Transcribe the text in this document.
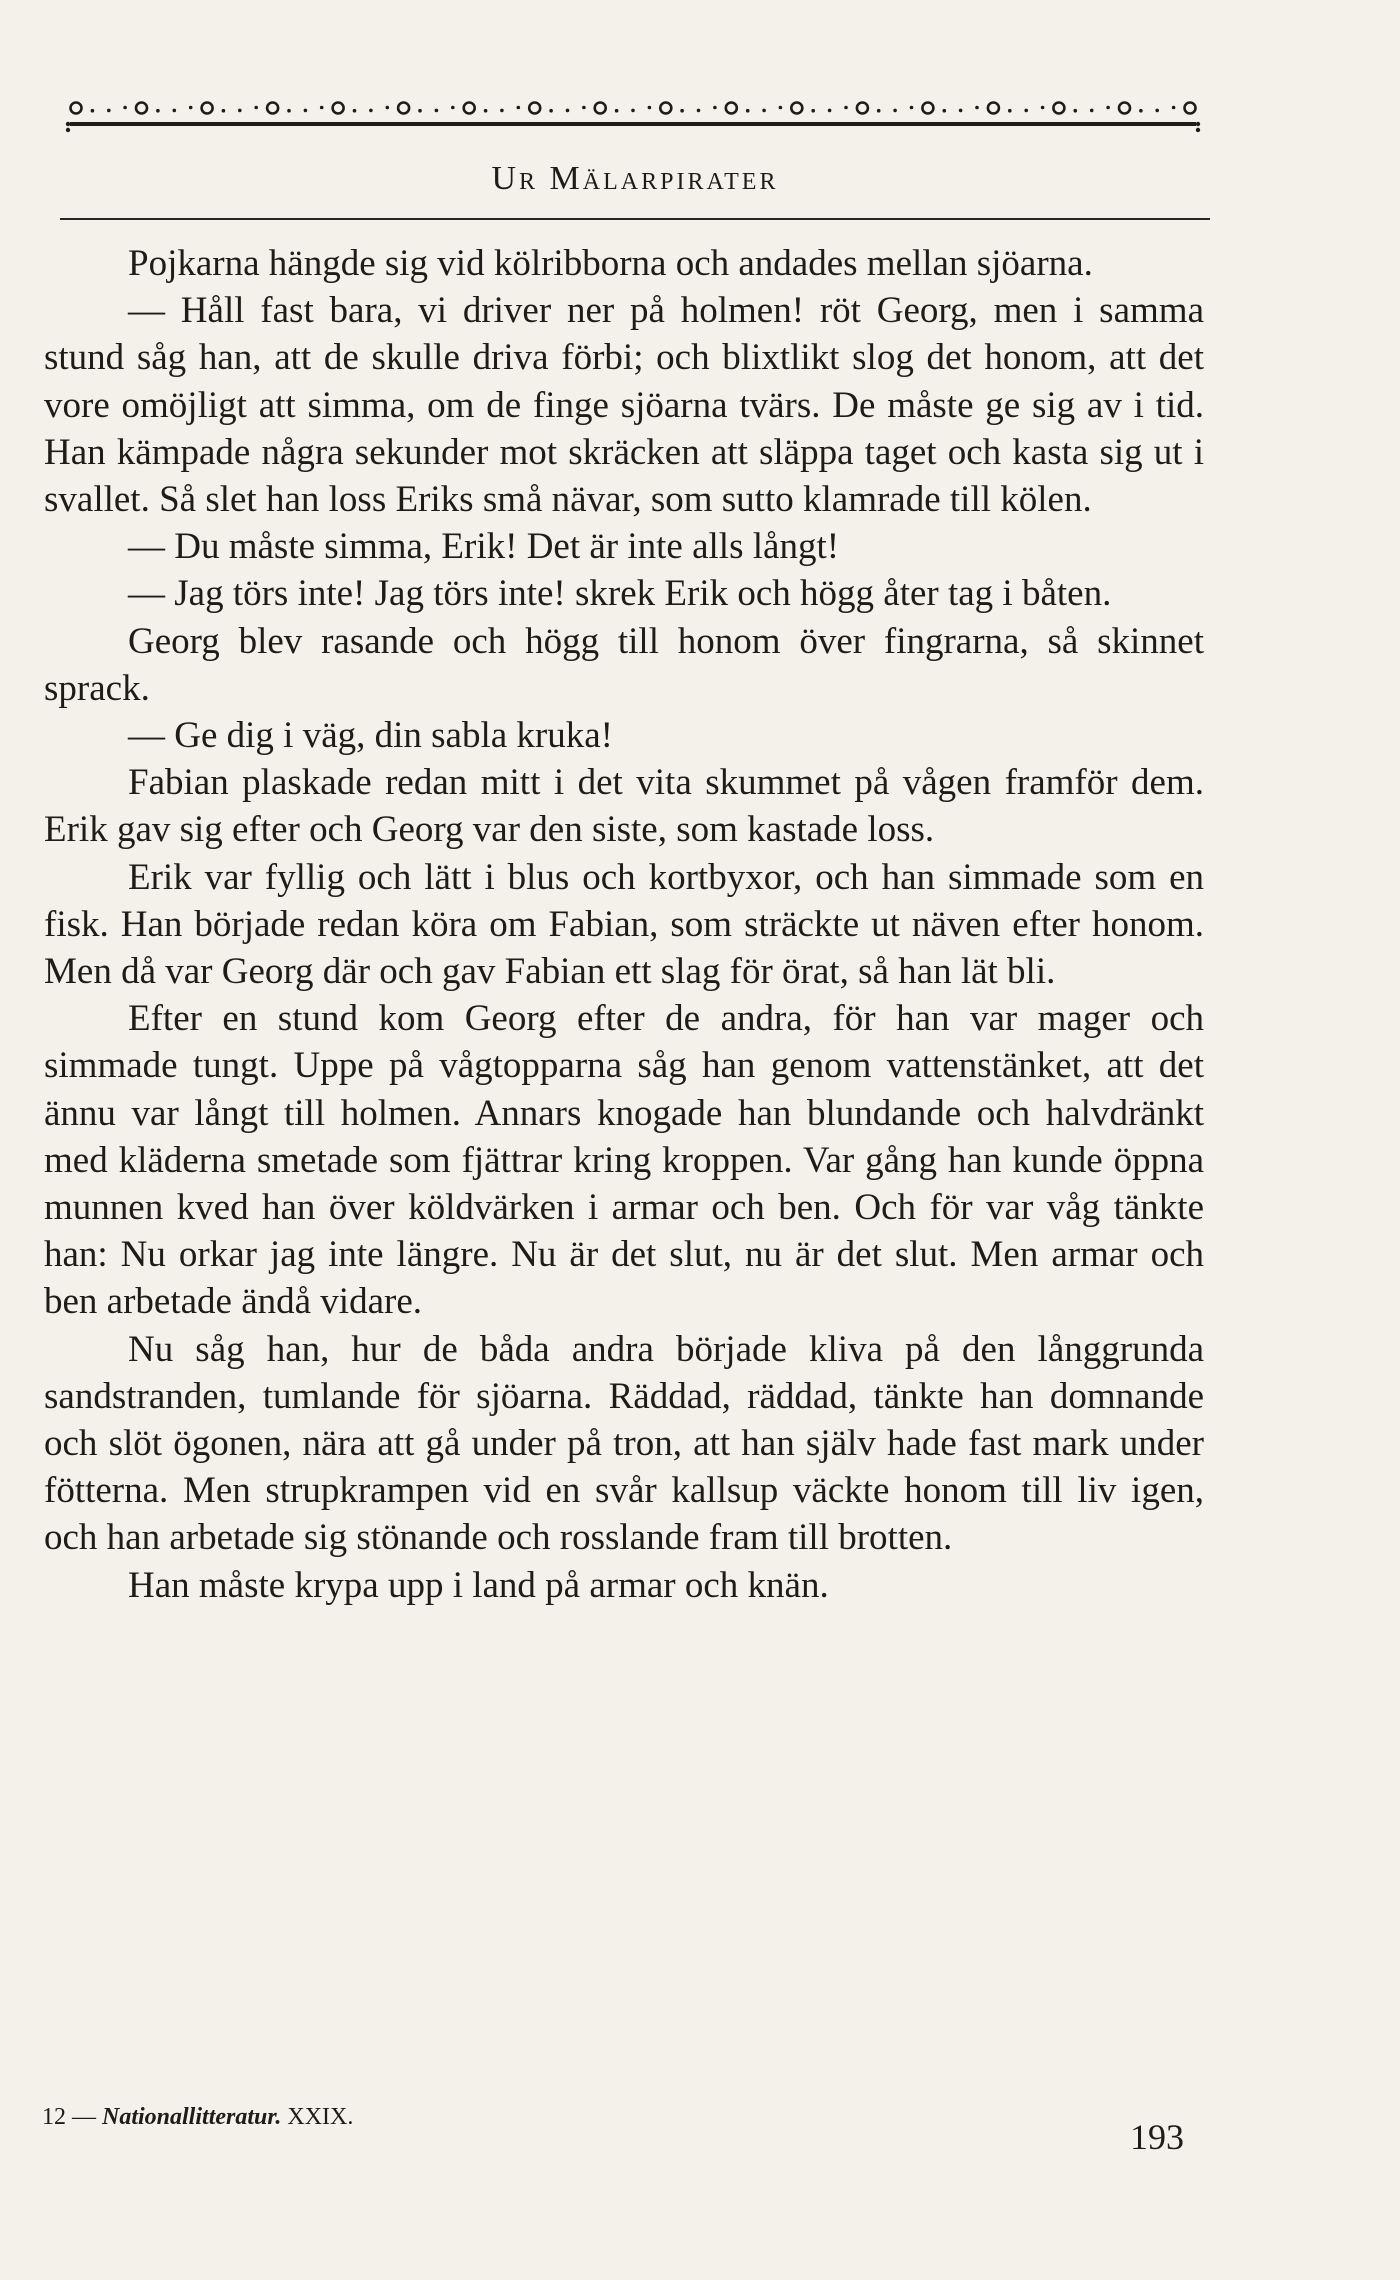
Ur Mälarpirater

Pojkarna hängde sig vid kölribborna och andades mellan sjöarna.

— Håll fast bara, vi driver ner på holmen! röt Georg, men i samma stund såg han, att de skulle driva förbi; och blixtlikt slog det honom, att det vore omöjligt att simma, om de finge sjöarna tvärs. De måste ge sig av i tid. Han kämpade några sekunder mot skräcken att släppa taget och kasta sig ut i svallet. Så slet han loss Eriks små nävar, som sutto klamrade till kölen.

— Du måste simma, Erik! Det är inte alls långt!

— Jag törs inte! Jag törs inte! skrek Erik och högg åter tag i båten.

Georg blev rasande och högg till honom över fingrarna, så skinnet sprack.

— Ge dig i väg, din sabla kruka!

Fabian plaskade redan mitt i det vita skummet på vågen framför dem. Erik gav sig efter och Georg var den siste, som kastade loss.

Erik var fyllig och lätt i blus och kortbyxor, och han simmade som en fisk. Han började redan köra om Fabian, som sträckte ut näven efter honom. Men då var Georg där och gav Fabian ett slag för örat, så han lät bli.

Efter en stund kom Georg efter de andra, för han var mager och simmade tungt. Uppe på vågtopparna såg han genom vattenstänket, att det ännu var långt till holmen. Annars knogade han blundande och halvdränkt med kläderna smetade som fjättrar kring kroppen. Var gång han kunde öppna munnen kved han över köldvärken i armar och ben. Och för var våg tänkte han: Nu orkar jag inte längre. Nu är det slut, nu är det slut. Men armar och ben arbetade ändå vidare.

Nu såg han, hur de båda andra började kliva på den långgrunda sandstranden, tumlande för sjöarna. Räddad, räddad, tänkte han domnande och slöt ögonen, nära att gå under på tron, att han själv hade fast mark under fötterna. Men strupkrampen vid en svår kallsup väckte honom till liv igen, och han arbetade sig stönande och rosslande fram till brotten.

Han måste krypa upp i land på armar och knän.

12 — Nationallitteratur. XXIX.	193
